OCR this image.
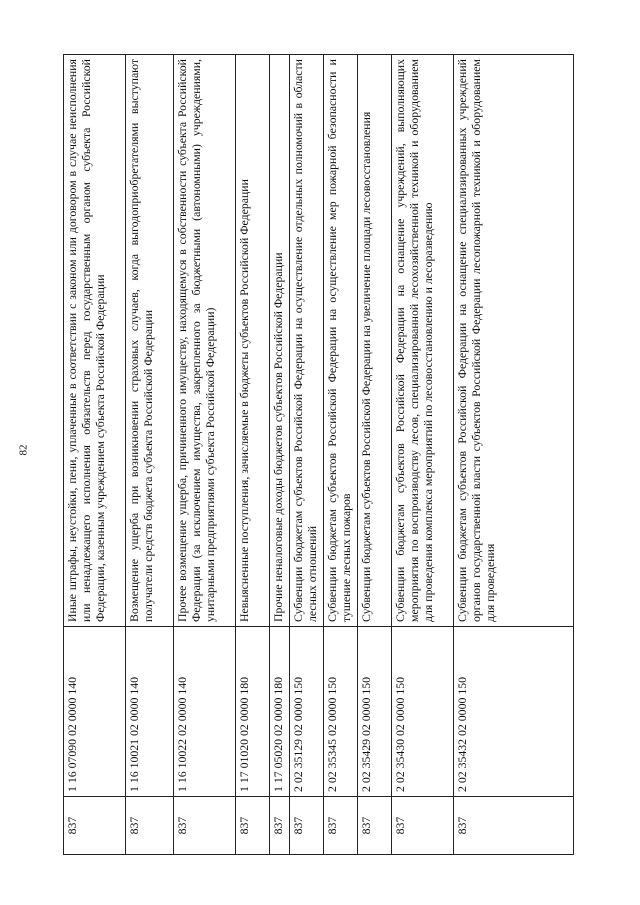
82
837	1 16 07090 02 0000 140	Иные штрафы, неустойки, пени, уплаченные в соответствии с законом или договором в случае неисполнения или ненадлежащего исполнения обязательств перед государственным органом субъекта Российской Федерации, казенным учреждением субъекта Российской Федерации
837	1 16 10021 02 0000 140	Возмещение ущерба при возникновении страховых случаев, когда выгодоприобретателями выступают получатели средств бюджета субъекта Российской Федерации
837	1 16 10022 02 0000 140	Прочее возмещение ущерба, причиненного имуществу, находящемуся в собственности субъекта Российской Федерации (за исключением имущества, закрепленного за бюджетными (автономными) учреждениями, унитарными предприятиями субъекта Российской Федерации)
837	1 17 01020 02 0000 180	Невыясненные поступления, зачисляемые в бюджеты субъектов Российской Федерации
837	1 17 05020 02 0000 180	Прочие неналоговые доходы бюджетов субъектов Российской Федерации
837	2 02 35129 02 0000 150	Субвенции бюджетам субъектов Российской Федерации на осуществление отдельных полномочий в области лесных отношений
837	2 02 35345 02 0000 150	Субвенции бюджетам субъектов Российской Федерации на осуществление мер пожарной безопасности и тушение лесных пожаров
837	2 02 35429 02 0000 150	Субвенции бюджетам субъектов Российской Федерации на увеличение площади лесовосстановления
837	2 02 35430 02 0000 150	Субвенции бюджетам субъектов Российской Федерации на оснащение учреждений, выполняющих мероприятия по воспроизводству лесов, специализированной лесохозяйственной техникой и оборудованием для проведения комплекса мероприятий по лесовосстановлению и лесоразведению
837	2 02 35432 02 0000 150	Субвенции бюджетам субъектов Российской Федерации на оснащение специализированных учреждений органов государственной власти субъектов Российской Федерации лесопожарной техникой и оборудованием для проведения
